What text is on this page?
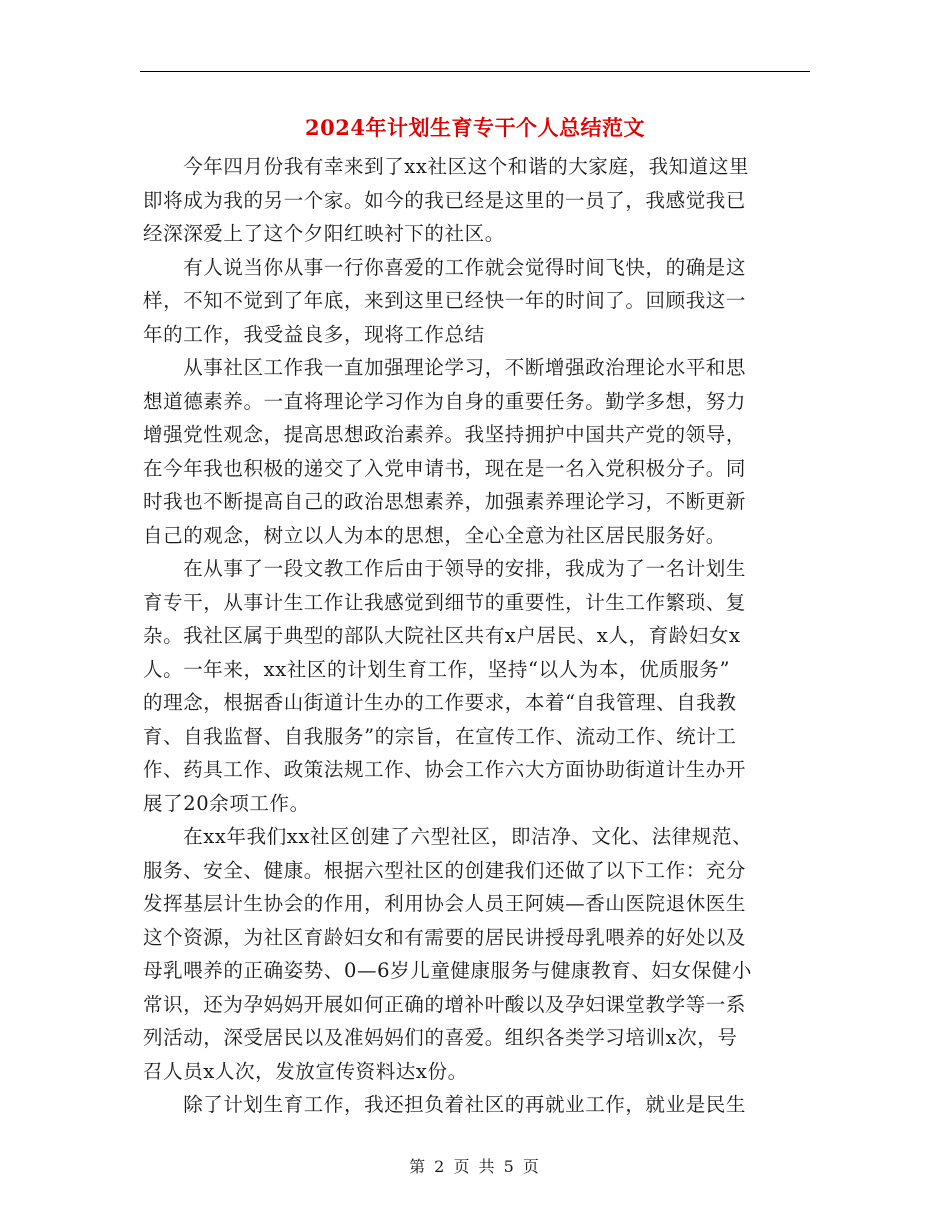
2024年计划生育专干个人总结范文
　　今年四月份我有幸来到了xx社区这个和谐的大家庭，我知道这里
即将成为我的另一个家。如今的我已经是这里的一员了，我感觉我已
经深深爱上了这个夕阳红映衬下的社区。
　　有人说当你从事一行你喜爱的工作就会觉得时间飞快，的确是这
样，不知不觉到了年底，来到这里已经快一年的时间了。回顾我这一
年的工作，我受益良多，现将工作总结
　　从事社区工作我一直加强理论学习，不断增强政治理论水平和思
想道德素养。一直将理论学习作为自身的重要任务。勤学多想，努力
增强党性观念，提高思想政治素养。我坚持拥护中国共产党的领导，
在今年我也积极的递交了入党申请书，现在是一名入党积极分子。同
时我也不断提高自己的政治思想素养，加强素养理论学习，不断更新
自己的观念，树立以人为本的思想，全心全意为社区居民服务好。
　　在从事了一段文教工作后由于领导的安排，我成为了一名计划生
育专干，从事计生工作让我感觉到细节的重要性，计生工作繁琐、复
杂。我社区属于典型的部队大院社区共有x户居民、x人，育龄妇女x
人。一年来，xx社区的计划生育工作，坚持“以人为本，优质服务”
的理念，根据香山街道计生办的工作要求，本着“自我管理、自我教
育、自我监督、自我服务”的宗旨，在宣传工作、流动工作、统计工
作、药具工作、政策法规工作、协会工作六大方面协助街道计生办开
展了20余项工作。
　　在xx年我们xx社区创建了六型社区，即洁净、文化、法律规范、
服务、安全、健康。根据六型社区的创建我们还做了以下工作：充分
发挥基层计生协会的作用，利用协会人员王阿姨—香山医院退休医生
这个资源，为社区育龄妇女和有需要的居民讲授母乳喂养的好处以及
母乳喂养的正确姿势、0—6岁儿童健康服务与健康教育、妇女保健小
常识，还为孕妈妈开展如何正确的增补叶酸以及孕妇课堂教学等一系
列活动，深受居民以及准妈妈们的喜爱。组织各类学习培训x次，号
召人员x人次，发放宣传资料达x份。
　　除了计划生育工作，我还担负着社区的再就业工作，就业是民生
第 2 页 共 5 页
